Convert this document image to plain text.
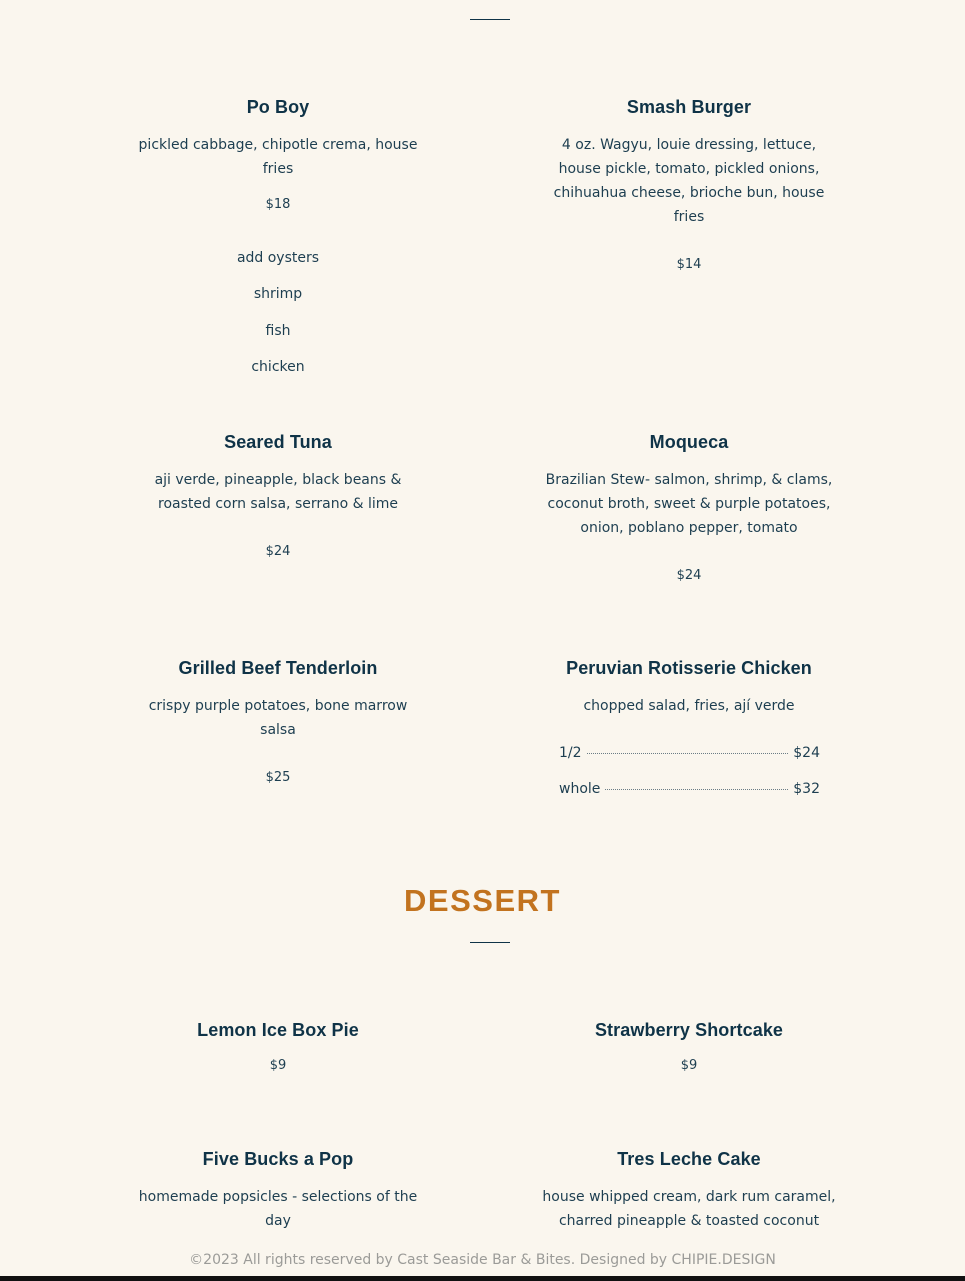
Po Boy
pickled cabbage, chipotle crema, house fries
$18
add oysters
shrimp
fish
chicken
Smash Burger
4 oz. Wagyu, louie dressing, lettuce, house pickle, tomato, pickled onions, chihuahua cheese, brioche bun, house fries
$14
Seared Tuna
aji verde, pineapple, black beans & roasted corn salsa, serrano & lime
$24
Moqueca
Brazilian Stew- salmon, shrimp, & clams, coconut broth, sweet & purple potatoes, onion, poblano pepper, tomato
$24
Grilled Beef Tenderloin
crispy purple potatoes, bone marrow salsa
$25
Peruvian Rotisserie Chicken
chopped salad, fries, ají verde
1/2	$24
whole	$32
DESSERT
Lemon Ice Box Pie
$9
Strawberry Shortcake
$9
Five Bucks a Pop
homemade popsicles - selections of the day
Tres Leche Cake
house whipped cream, dark rum caramel, charred pineapple & toasted coconut
©2023 All rights reserved by Cast Seaside Bar & Bites. Designed by CHIPIE.DESIGN
